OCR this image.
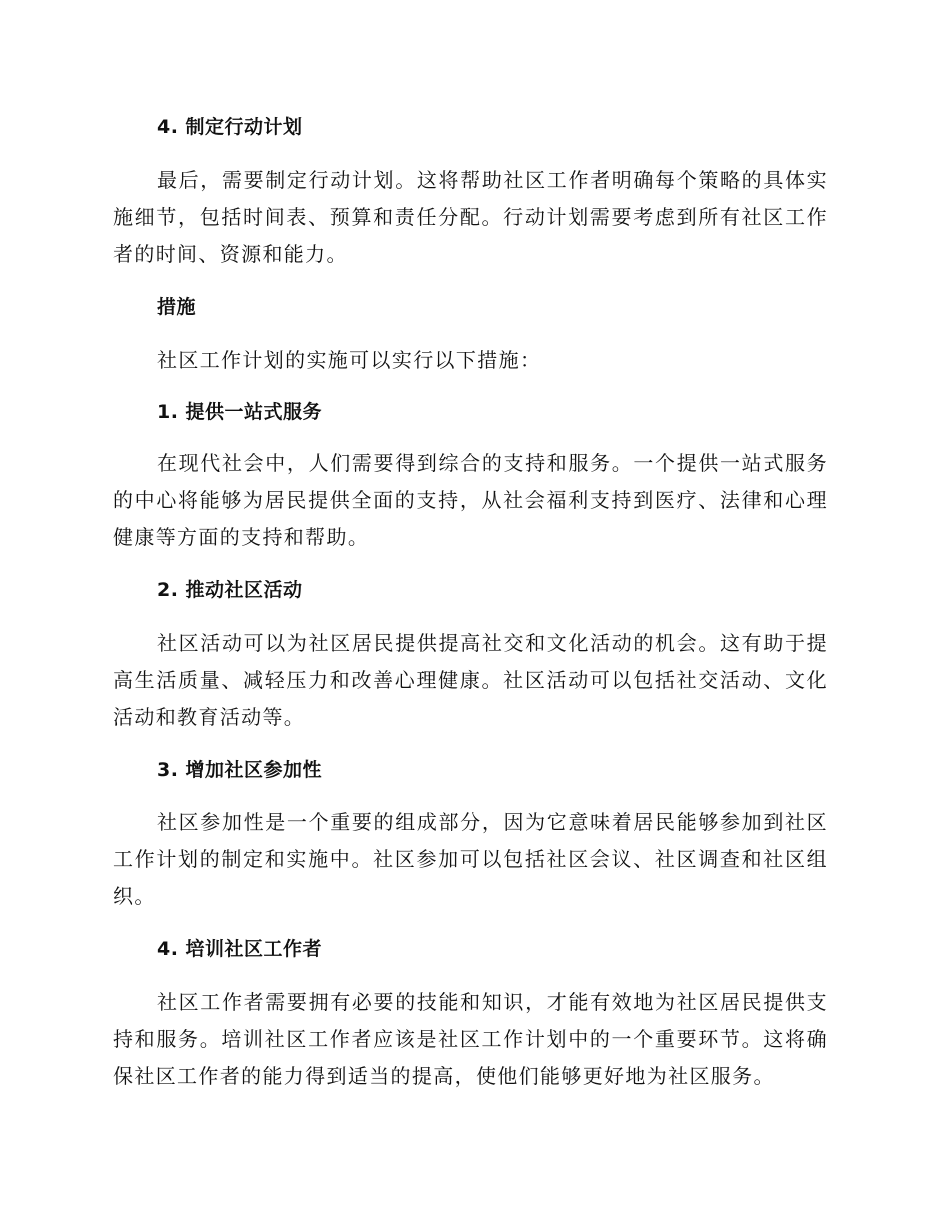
4. 制定行动计划
最后，需要制定行动计划。这将帮助社区工作者明确每个策略的具体实施细节，包括时间表、预算和责任分配。行动计划需要考虑到所有社区工作者的时间、资源和能力。
措施
社区工作计划的实施可以实行以下措施：
1. 提供一站式服务
在现代社会中，人们需要得到综合的支持和服务。一个提供一站式服务的中心将能够为居民提供全面的支持，从社会福利支持到医疗、法律和心理健康等方面的支持和帮助。
2. 推动社区活动
社区活动可以为社区居民提供提高社交和文化活动的机会。这有助于提高生活质量、减轻压力和改善心理健康。社区活动可以包括社交活动、文化活动和教育活动等。
3. 增加社区参加性
社区参加性是一个重要的组成部分，因为它意味着居民能够参加到社区工作计划的制定和实施中。社区参加可以包括社区会议、社区调查和社区组织。
4. 培训社区工作者
社区工作者需要拥有必要的技能和知识，才能有效地为社区居民提供支持和服务。培训社区工作者应该是社区工作计划中的一个重要环节。这将确保社区工作者的能力得到适当的提高，使他们能够更好地为社区服务。
